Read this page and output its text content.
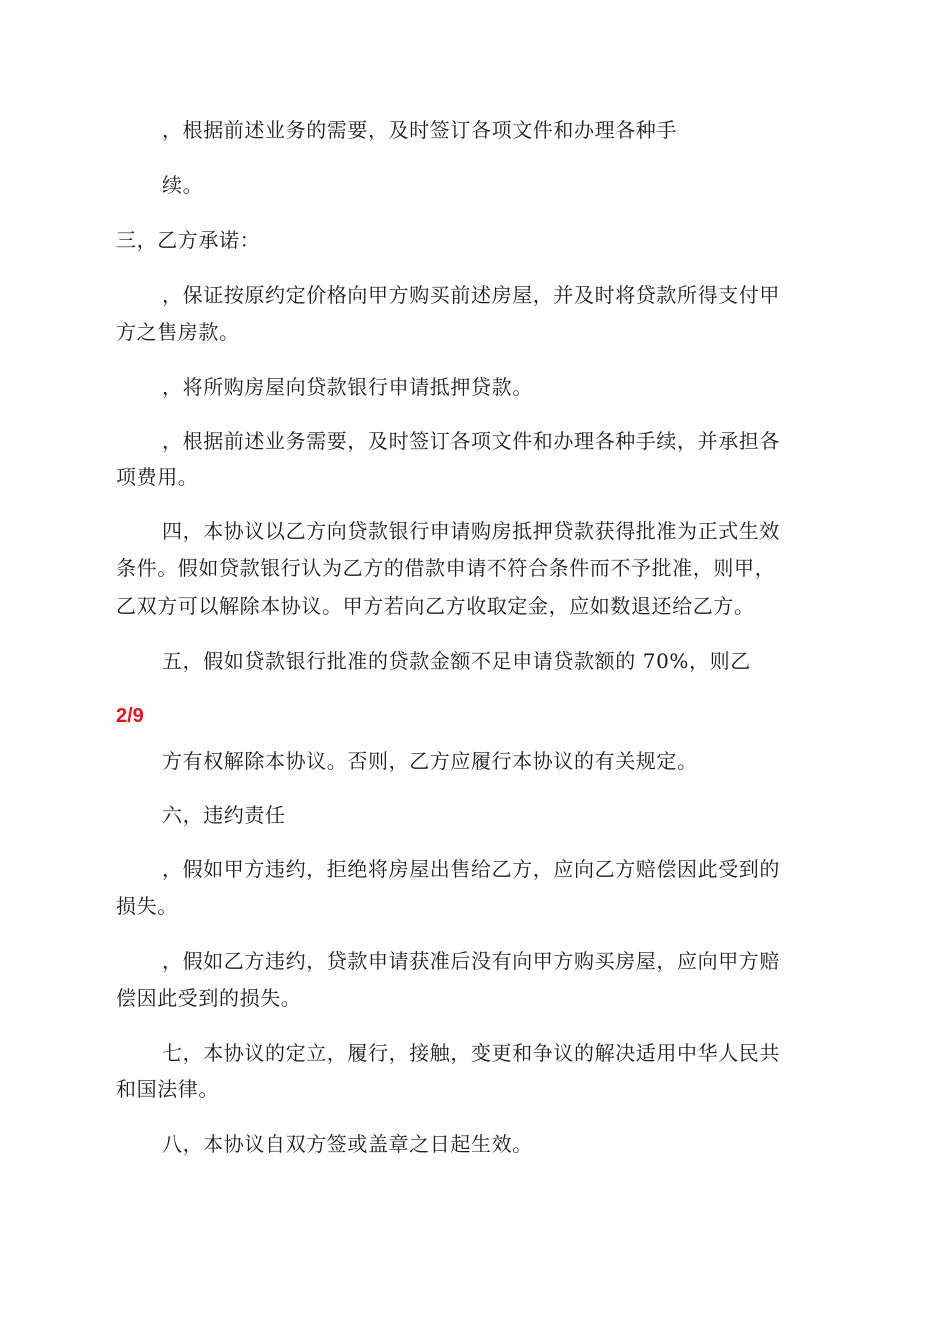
，根据前述业务的需要，及时签订各项文件和办理各种手
续。
三，乙方承诺：
，保证按原约定价格向甲方购买前述房屋，并及时将贷款所得支付甲
方之售房款。
，将所购房屋向贷款银行申请抵押贷款。
，根据前述业务需要，及时签订各项文件和办理各种手续，并承担各
项费用。
四，本协议以乙方向贷款银行申请购房抵押贷款获得批准为正式生效
条件。假如贷款银行认为乙方的借款申请不符合条件而不予批准，则甲，
乙双方可以解除本协议。甲方若向乙方收取定金，应如数退还给乙方。
五，假如贷款银行批准的贷款金额不足申请贷款额的 70%，则乙
2/9
方有权解除本协议。否则，乙方应履行本协议的有关规定。
六，违约责任
，假如甲方违约，拒绝将房屋出售给乙方，应向乙方赔偿因此受到的
损失。
，假如乙方违约，贷款申请获准后没有向甲方购买房屋，应向甲方赔
偿因此受到的损失。
七，本协议的定立，履行，接触，变更和争议的解决适用中华人民共
和国法律。
八，本协议自双方签或盖章之日起生效。
